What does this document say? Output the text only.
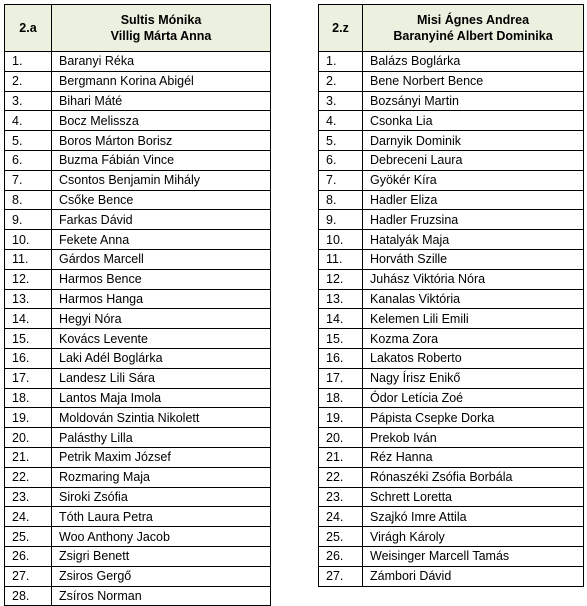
2.a	Sultis Mónika
Villig Márta Anna

1.	Baranyi Réka
2.	Bergmann Korina Abigél
3.	Bihari Máté
4.	Bocz Melissza
5.	Boros Márton Borisz
6.	Buzma Fábián Vince
7.	Csontos Benjamin Mihály
8.	Csőke Bence
9.	Farkas Dávid
10.	Fekete Anna
11.	Gárdos Marcell
12.	Harmos Bence
13.	Harmos Hanga
14.	Hegyi Nóra
15.	Kovács Levente
16.	Laki Adél Boglárka
17.	Landesz Lili Sára
18.	Lantos Maja Imola
19.	Moldován Szintia Nikolett
20.	Palásthy Lilla
21.	Petrik Maxim József
22.	Rozmaring Maja
23.	Siroki Zsófia
24.	Tóth Laura Petra
25.	Woo Anthony Jacob
26.	Zsigri Benett
27.	Zsiros Gergő
28.	Zsíros Norman
2.z	Misi Ágnes Andrea
Baranyiné Albert Dominika

1.	Balázs Boglárka
2.	Bene Norbert Bence
3.	Bozsányi Martin
4.	Csonka Lia
5.	Darnyik Dominik
6.	Debreceni Laura
7.	Gyökér Kíra
8.	Hadler Eliza
9.	Hadler Fruzsina
10.	Hatalyák Maja
11.	Horváth Szille
12.	Juhász Viktória Nóra
13.	Kanalas Viktória
14.	Kelemen Lili Emili
15.	Kozma Zora
16.	Lakatos Roberto
17.	Nagy Írisz Enikő
18.	Ódor Letícia Zoé
19.	Pápista Csepke Dorka
20.	Prekob Iván
21.	Réz Hanna
22.	Rónaszéki Zsófia Borbála
23.	Schrett Loretta
24.	Szajkó Imre Attila
25.	Virágh Károly
26.	Weisinger Marcell Tamás
27.	Zámbori Dávid
